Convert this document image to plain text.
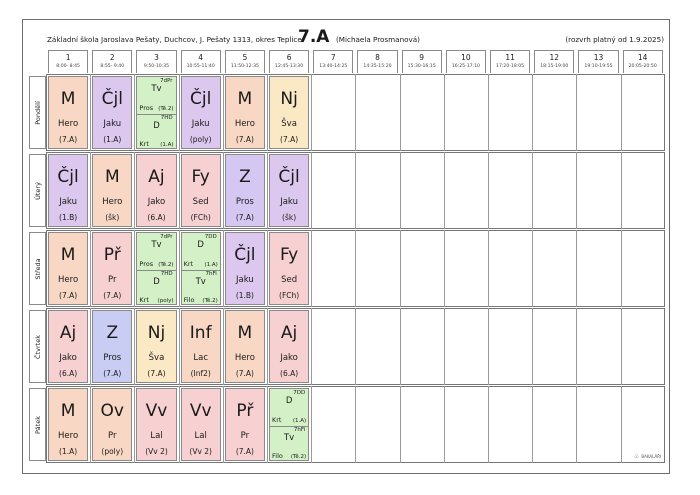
Základní škola Jaroslava Pešaty, Duchcov, J. Pešaty 1313, okres Teplice
7.A (Michaela Prosmanová)	(rozvrh platný od 1.9.2025)
1
8:00- 8:45
2
8:55- 9:40
3
9:50-10:35
4
10:55-11:40
5
11:50-12:35
6
12:45-13:30
7
13:40-14:25
8
14:35-15:20
9
15:30-16:15
10
16:25-17:10
11
17:20-18:05
12
18:15-19:00
13
19:10-19:55
14
20:05-20:50
Pondělí
M
Hero
(7.A)
Čjl
Jaku
(1.A)
7dPr
Tv
Pros (Tě.2)
7HD
D
Krt (1.A)
Čjl
Jaku
(poly)
M
Hero
(7.A)
Nj
Šva
(7.A)
Úterý
Čjl
Jaku
(1.B)
M
Hero
(šk)
Aj
Jako
(6.A)
Fy
Sed
(FCh)
Z
Pros
(7.A)
Čjl
Jaku
(šk)
Středa
M
Hero
(7.A)
Př
Pr
(7.A)
7dPr
Tv
Pros (Tě.2)
7HD
D
Krt (poly)
7DD
D
Krt (1.A)
7hFi
Tv
Filo (Tě.2)
Čjl
Jaku
(1.B)
Fy
Sed
(FCh)
Čtvrtek
Aj
Jako
(6.A)
Z
Pros
(7.A)
Nj
Šva
(7.A)
Inf
Lac
(Inf2)
M
Hero
(7.A)
Aj
Jako
(6.A)
Pátek
M
Hero
(1.A)
Ov
Pr
(poly)
Vv
Lal
(Vv 2)
Vv
Lal
(Vv 2)
Př
Pr
(7.A)
7DD
D
Krt (1.A)
7hFi
Tv
Filo (Tě.2)	♧ BAKALÁŘI
